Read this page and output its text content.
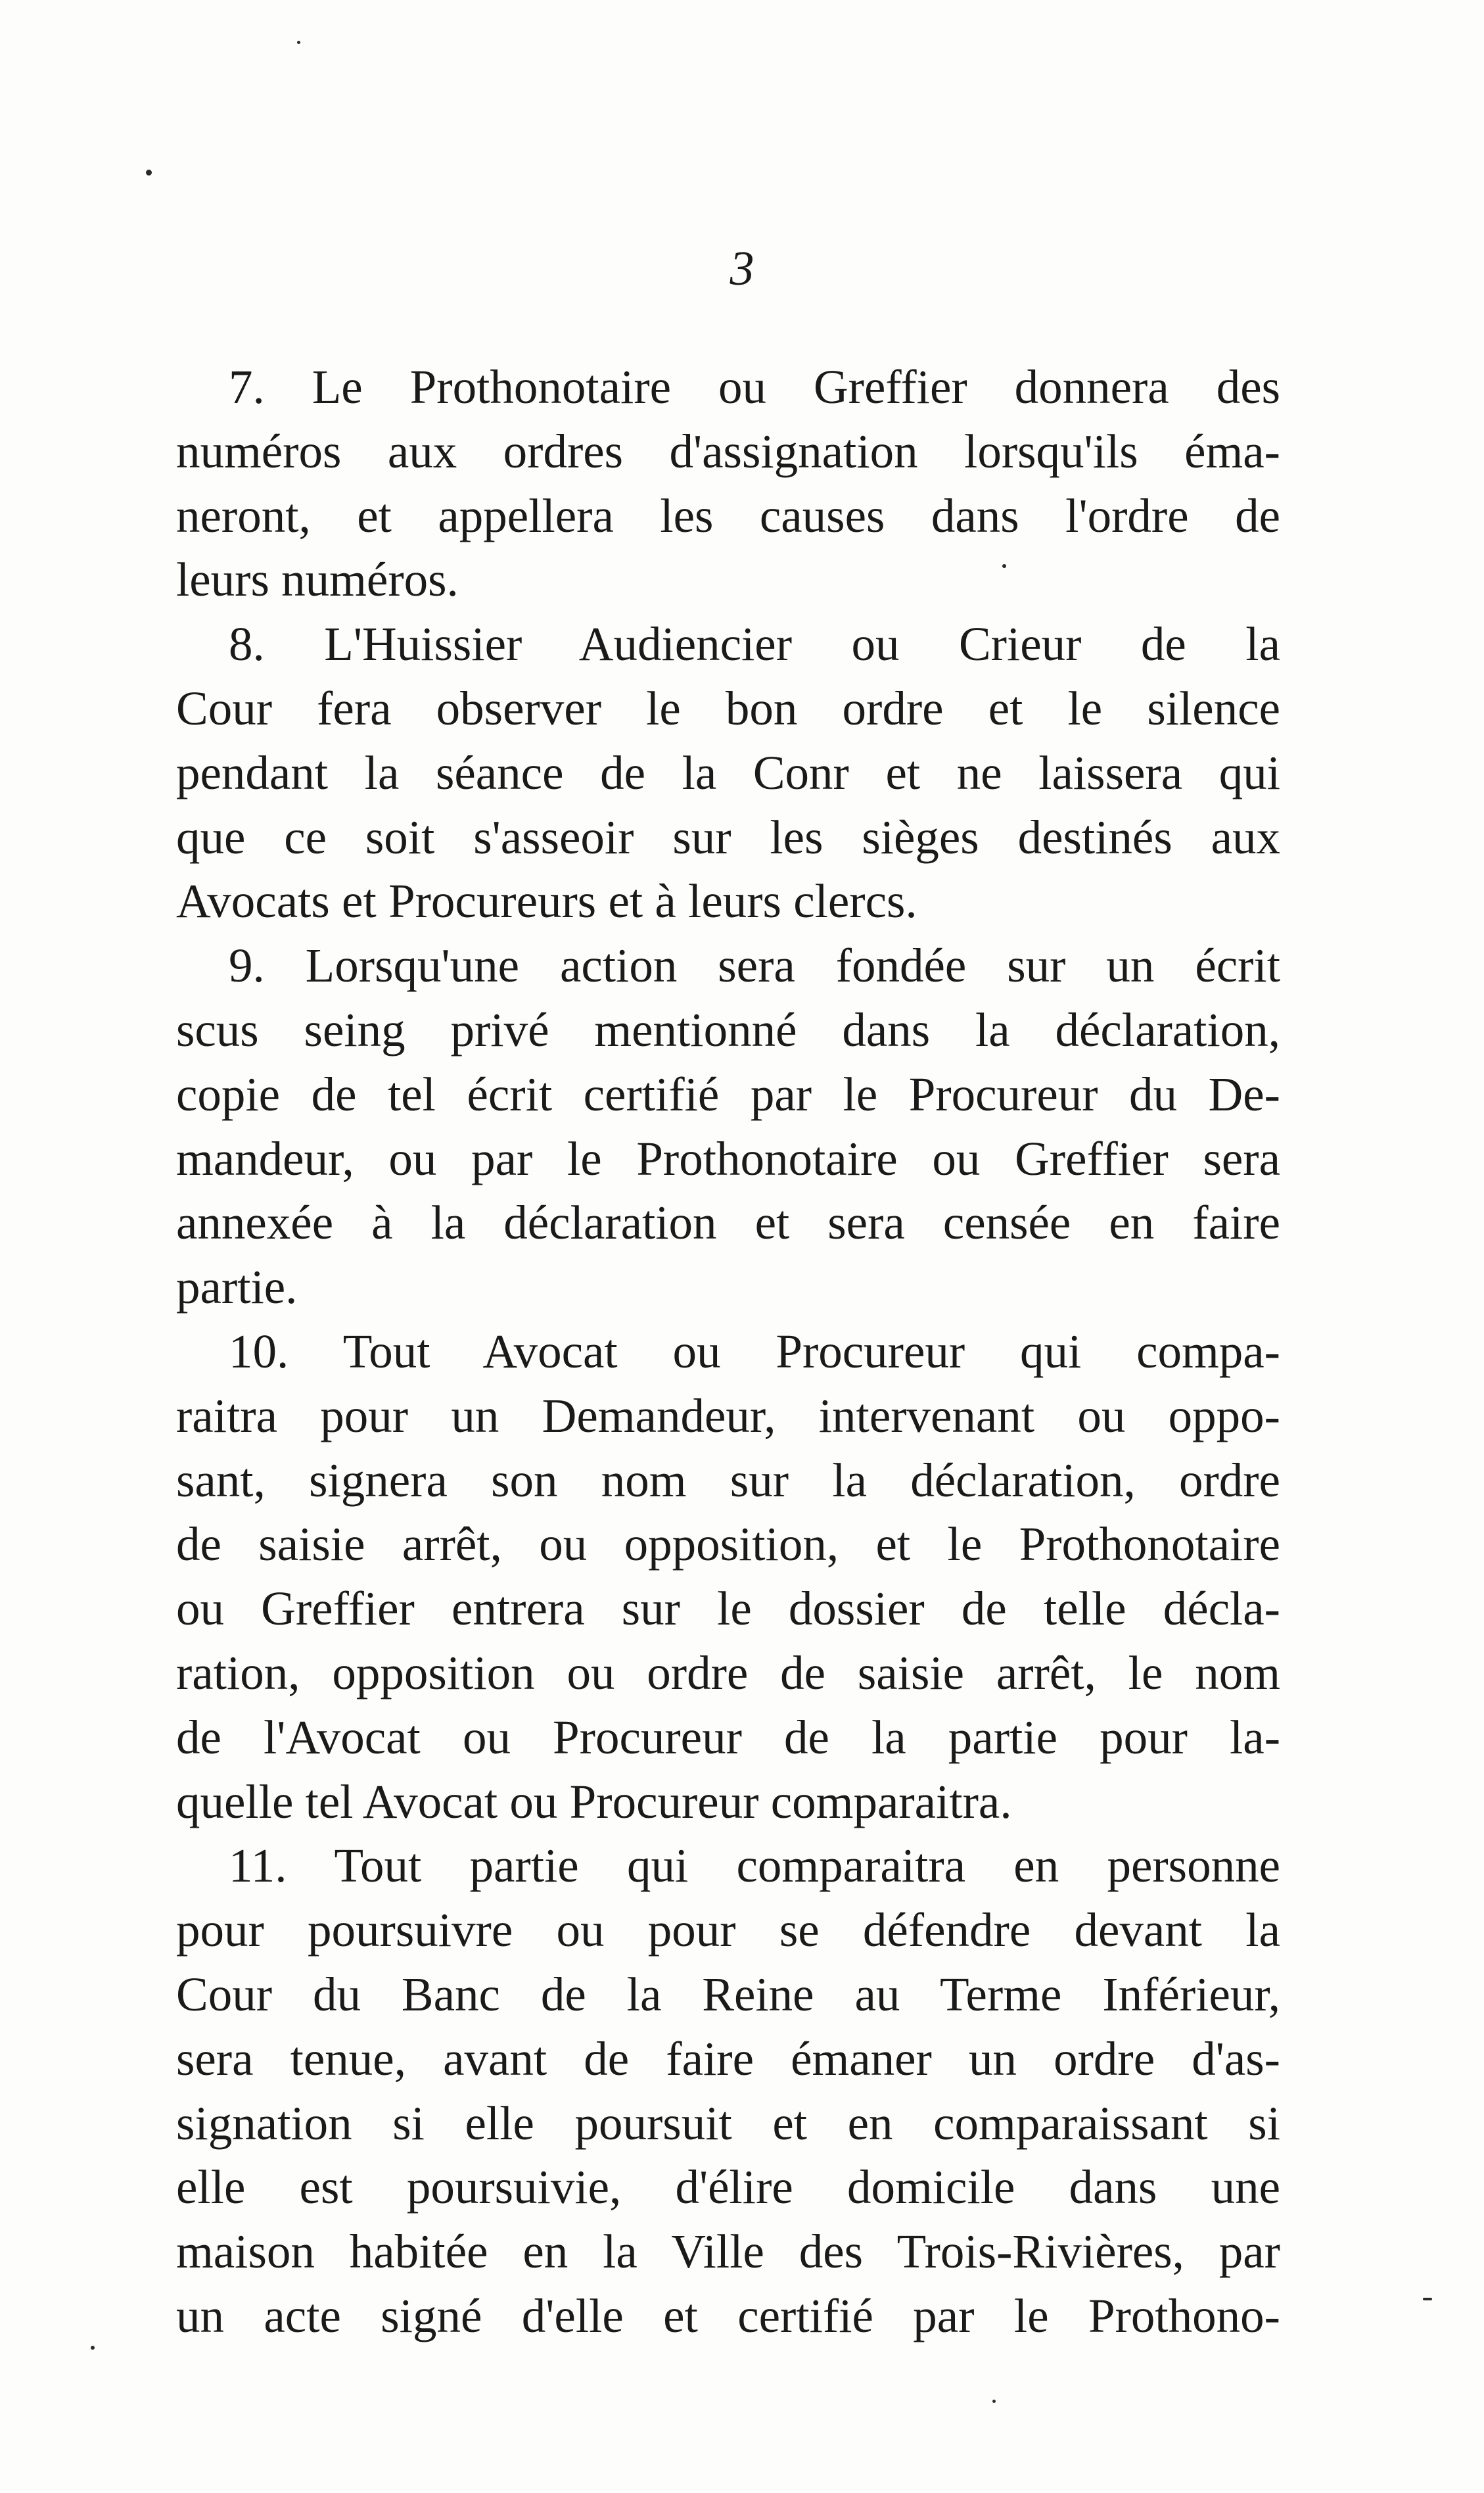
3
7. Le Prothonotaire ou Greffier donnera des
numéros aux ordres d'assignation lorsqu'ils éma-
neront, et appellera les causes dans l'ordre de
leurs numéros.
8. L'Huissier Audiencier ou Crieur de la
Cour fera observer le bon ordre et le silence
pendant la séance de la Conr et ne laissera qui
que ce soit s'asseoir sur les sièges destinés aux
Avocats et Procureurs et à leurs clercs.
9. Lorsqu'une action sera fondée sur un écrit
scus seing privé mentionné dans la déclaration,
copie de tel écrit certifié par le Procureur du De-
mandeur, ou par le Prothonotaire ou Greffier sera
annexée à la déclaration et sera censée en faire
partie.
10. Tout Avocat ou Procureur qui compa-
raitra pour un Demandeur, intervenant ou oppo-
sant, signera son nom sur la déclaration, ordre
de saisie arrêt, ou opposition, et le Prothonotaire
ou Greffier entrera sur le dossier de telle décla-
ration, opposition ou ordre de saisie arrêt, le nom
de l'Avocat ou Procureur de la partie pour la-
quelle tel Avocat ou Procureur comparaitra.
11. Tout partie qui comparaitra en personne
pour poursuivre ou pour se défendre devant la
Cour du Banc de la Reine au Terme Inférieur,
sera tenue, avant de faire émaner un ordre d'as-
signation si elle poursuit et en comparaissant si
elle est poursuivie, d'élire domicile dans une
maison habitée en la Ville des Trois-Rivières, par
un acte signé d'elle et certifié par le Prothono-
